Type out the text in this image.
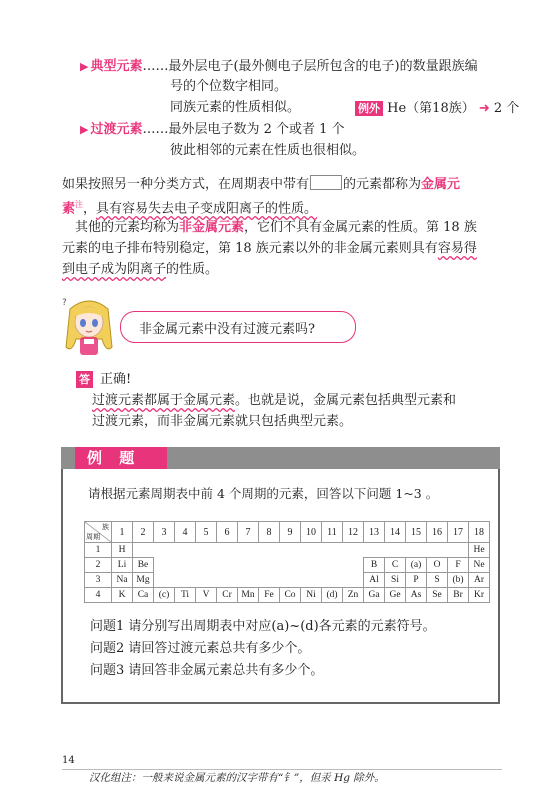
▶ 典型元素……最外层电子(最外侧电子层所包含的电子)的数量跟族编
号的个位数字相同。
同族元素的性质相似。	例外 He（第18族） ➜ 2 个
▶ 过渡元素……最外层电子数为 2 个或者 1 个
彼此相邻的元素在性质也很相似。
如果按照另一种分类方式，在周期表中带有	的元素都称为金属元
素$^注$，具有容易失去电子变成阳离子的性质。
其他的元素均称为非金属元素，它们不具有金属元素的性质。第 18 族
元素的电子排布特别稳定，第 18 族元素以外的非金属元素则具有容易得
到电子成为阴离子的性质。
?
非金属元素中没有过渡元素吗?
答 正确!
过渡元素都属于金属元素。也就是说，金属元素包括典型元素和
过渡元素，而非金属元素就只包括典型元素。
例 题 3
请根据元素周期表中前 4 个周期的元素，回答以下问题 1~3 。
族
周期	1	2	3	4	5	6	7	8	9	10	11	12	13	14	15	16	17	18
1	H																	He
2	Li	Be											B	C	(a)	O	F	Ne
3	Na	Mg											Al	Si	P	S	(b)	Ar
4	K	Ca	(c)	Ti	V	Cr	Mn	Fe	Co	Ni	(d)	Zn	Ga	Ge	As	Se	Br	Kr
问题1 请分别写出周期表中对应(a)~(d)各元素的元素符号。
问题2 请回答过渡元素总共有多少个。
问题3 请回答非金属元素总共有多少个。
14
汉化组注：一般来说金属元素的汉字带有“钅”，但汞 Hg 除外。
